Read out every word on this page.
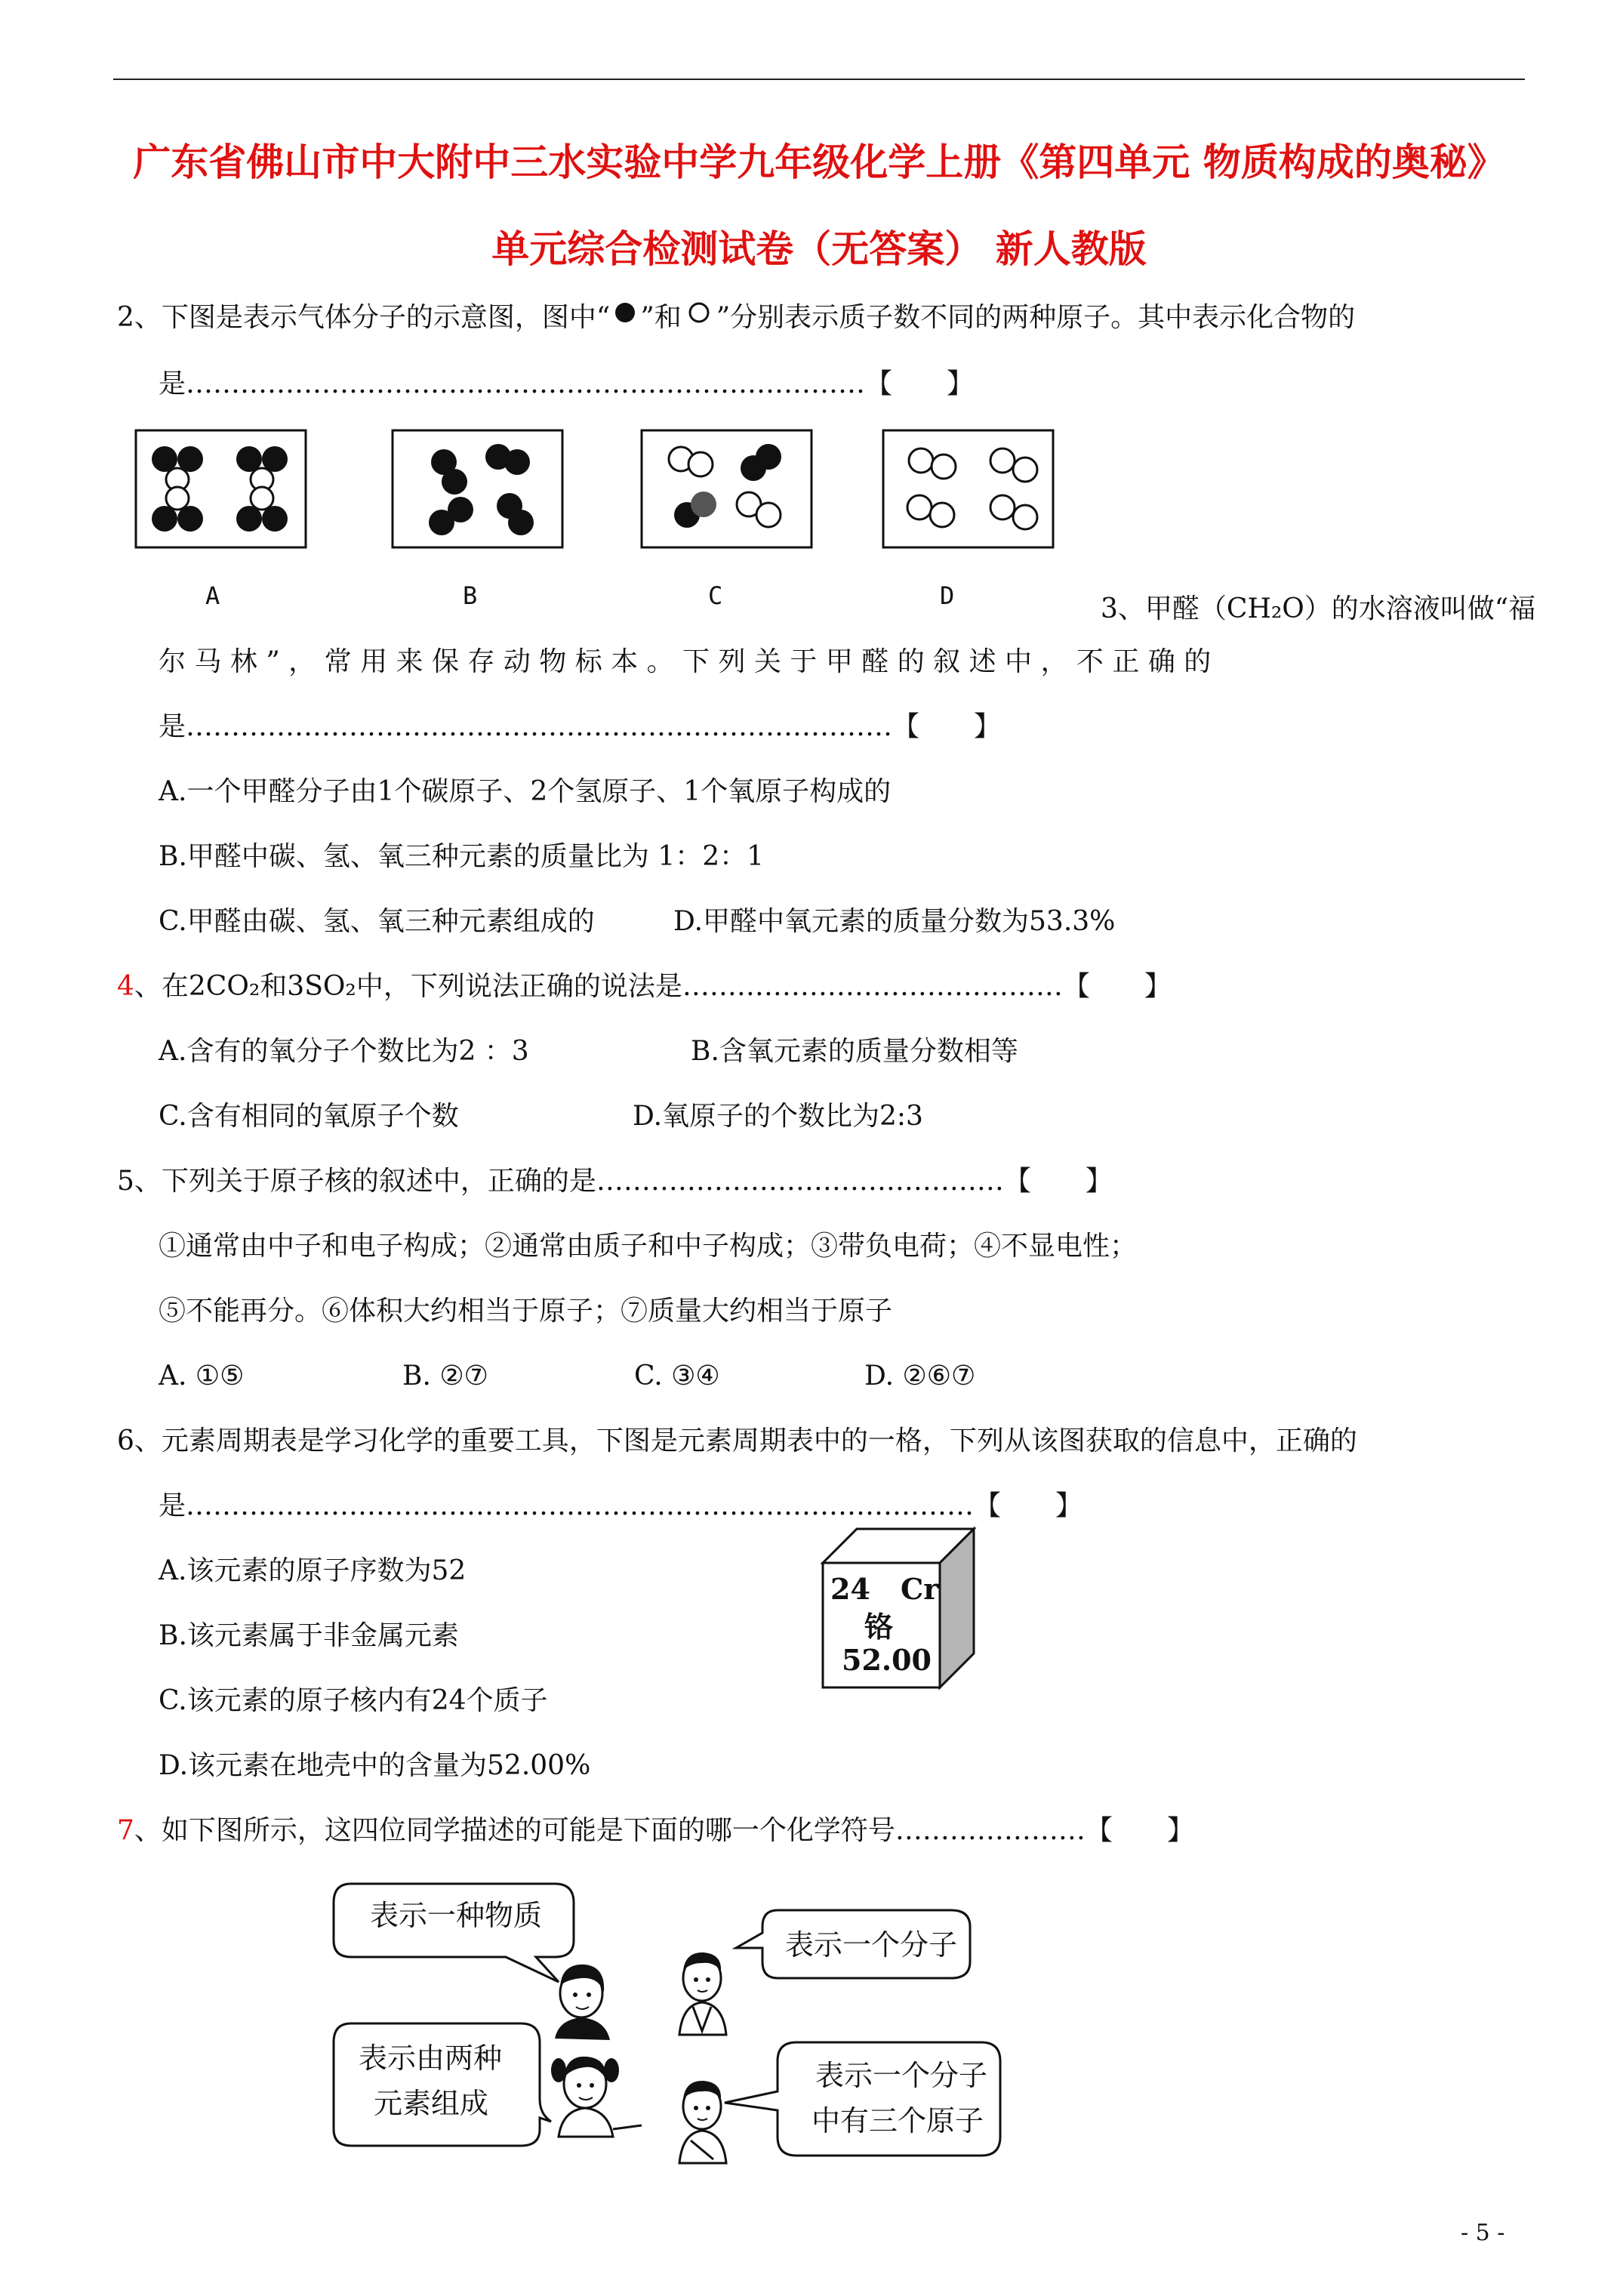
广东省佛山市中大附中三水实验中学九年级化学上册《第四单元 物质构成的奥秘》
单元综合检测试卷（无答案） 新人教版
2、下图是表示气体分子的示意图，图中“ ”和 ”分别表示质子数不同的两种原子。其中表示化合物的
是…………………………………………………………………【　　】
A	B	C	D	3、甲醛（CH₂O）的水溶液叫做“福
尔 马 林 ” ， 常 用 来 保 存 动 物 标 本 。 下 列 关 于 甲 醛 的 叙 述 中 ， 不 正 确 的
是……………………………………………………………………【　　】
A.一个甲醛分子由1个碳原子、2个氢原子、1个氧原子构成的
B.甲醛中碳、氢、氧三种元素的质量比为 1：2：1
C.甲醛由碳、氢、氧三种元素组成的	D.甲醛中氧元素的质量分数为53.3%
4、在2CO₂和3SO₂中，下列说法正确的说法是……………………………………【　　】
A.含有的氧分子个数比为2 ：3	B.含氧元素的质量分数相等
C.含有相同的氧原子个数	D.氧原子的个数比为2:3
5、下列关于原子核的叙述中，正确的是………………………………………【　　】
①通常由中子和电子构成；②通常由质子和中子构成；③带负电荷；④不显电性；
⑤不能再分。⑥体积大约相当于原子；⑦质量大约相当于原子
A. ①⑤	B. ②⑦	C. ③④	D. ②⑥⑦
6、元素周期表是学习化学的重要工具，下图是元素周期表中的一格，下列从该图获取的信息中，正确的
是……………………………………………………………………………【　　】
A.该元素的原子序数为52
B.该元素属于非金属元素
C.该元素的原子核内有24个质子
D.该元素在地壳中的含量为52.00%
24 Cr
铬
52.00
7、如下图所示，这四位同学描述的可能是下面的哪一个化学符号…………………【　　】
表示一种物质
表示一个分子
表示由两种
元素组成
表示一个分子
中有三个原子
- 5 -
